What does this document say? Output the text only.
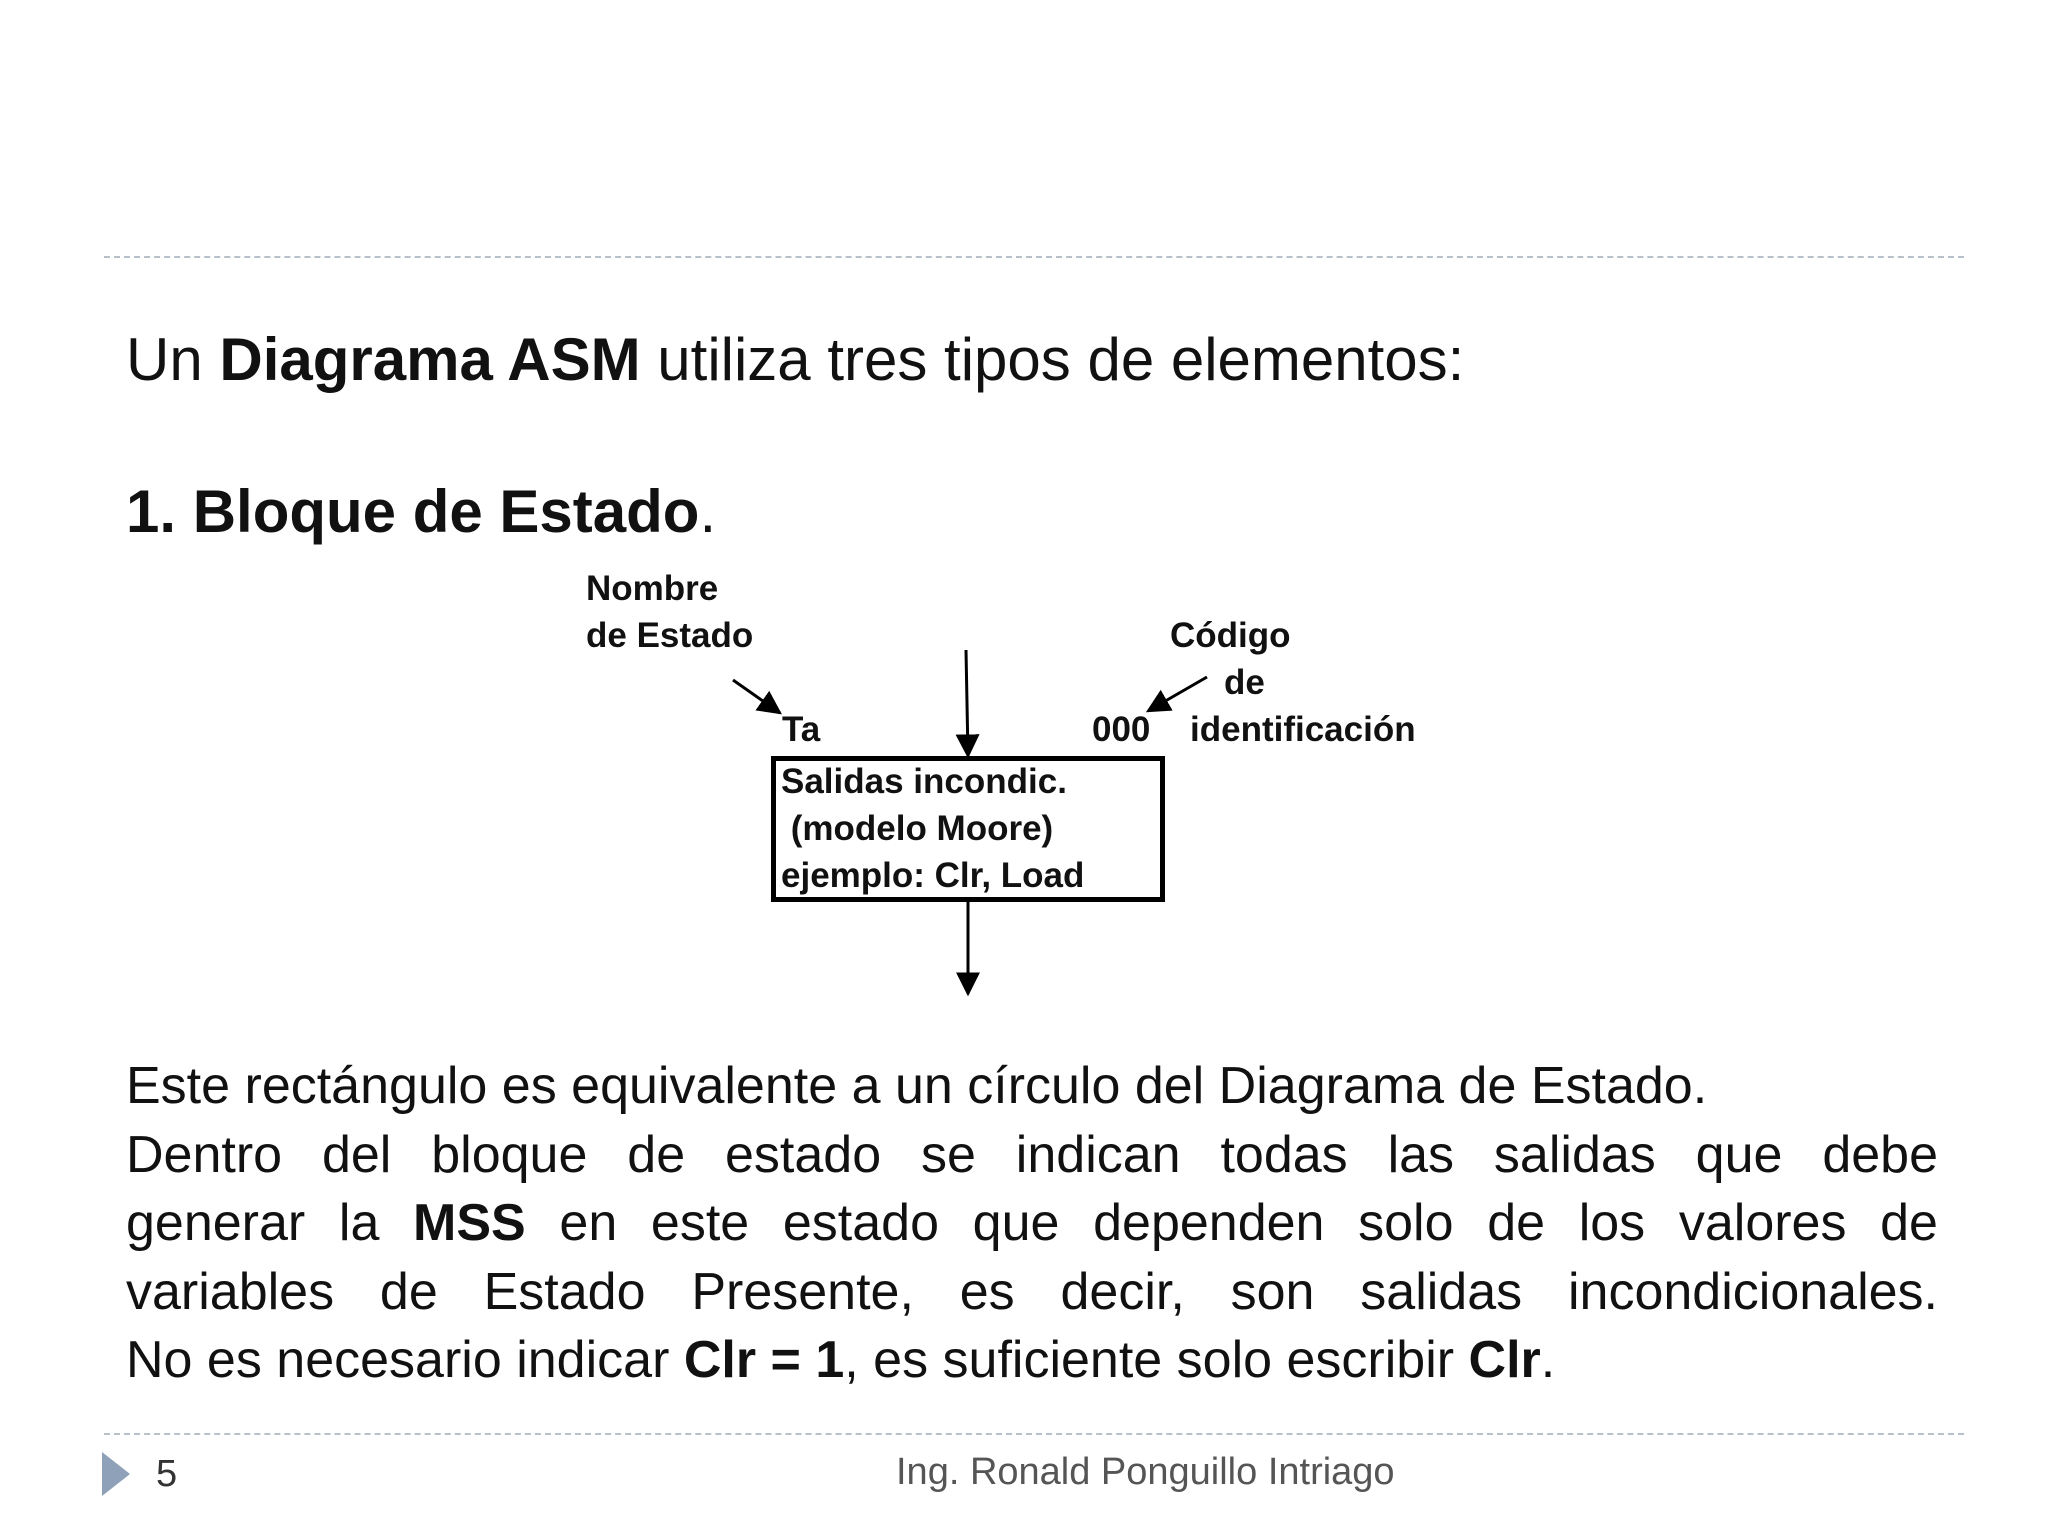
Un Diagrama ASM utiliza tres tipos de elementos:
1. Bloque de Estado.
Nombre
de Estado	Código
de
identificación
Ta	000
Salidas incondic.
(modelo Moore)
ejemplo: Clr, Load
Este rectángulo es equivalente a un círculo del Diagrama de Estado.
Dentro del bloque de estado se indican todas las salidas que debe
generar la MSS en este estado que dependen solo de los valores de
variables de Estado Presente, es decir, son salidas incondicionales.
No es necesario indicar Clr = 1, es suficiente solo escribir Clr.
5	Ing. Ronald Ponguillo Intriago
